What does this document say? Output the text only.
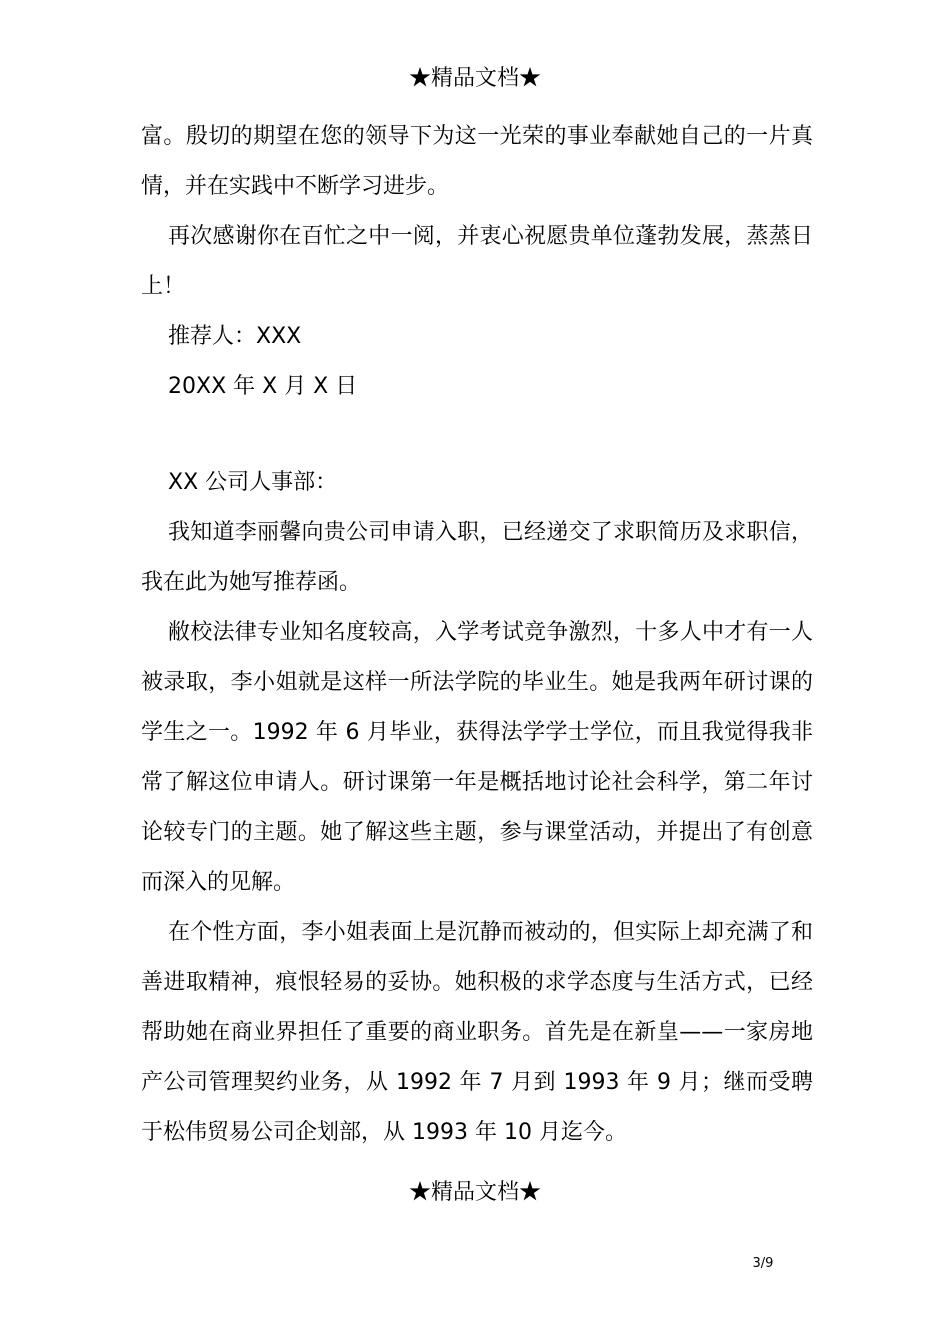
★精品文档★

富。殷切的期望在您的领导下为这一光荣的事业奉献她自己的一片真情，并在实践中不断学习进步。

再次感谢你在百忙之中一阅，并衷心祝愿贵单位蓬勃发展，蒸蒸日上！

推荐人：XXX

20XX 年 X 月 X 日

XX 公司人事部：

我知道李丽馨向贵公司申请入职，已经递交了求职简历及求职信，我在此为她写推荐函。

敝校法律专业知名度较高，入学考试竞争激烈，十多人中才有一人被录取，李小姐就是这样一所法学院的毕业生。她是我两年研讨课的学生之一。1992 年 6 月毕业，获得法学学士学位，而且我觉得我非常了解这位申请人。研讨课第一年是概括地讨论社会科学，第二年讨论较专门的主题。她了解这些主题，参与课堂活动，并提出了有创意而深入的见解。

在个性方面，李小姐表面上是沉静而被动的，但实际上却充满了和善进取精神，痕恨轻易的妥协。她积极的求学态度与生活方式，已经帮助她在商业界担任了重要的商业职务。首先是在新皇——一家房地产公司管理契约业务，从 1992 年 7 月到 1993 年 9 月；继而受聘于松伟贸易公司企划部，从 1993 年 10 月迄今。

★精品文档★
3/9
